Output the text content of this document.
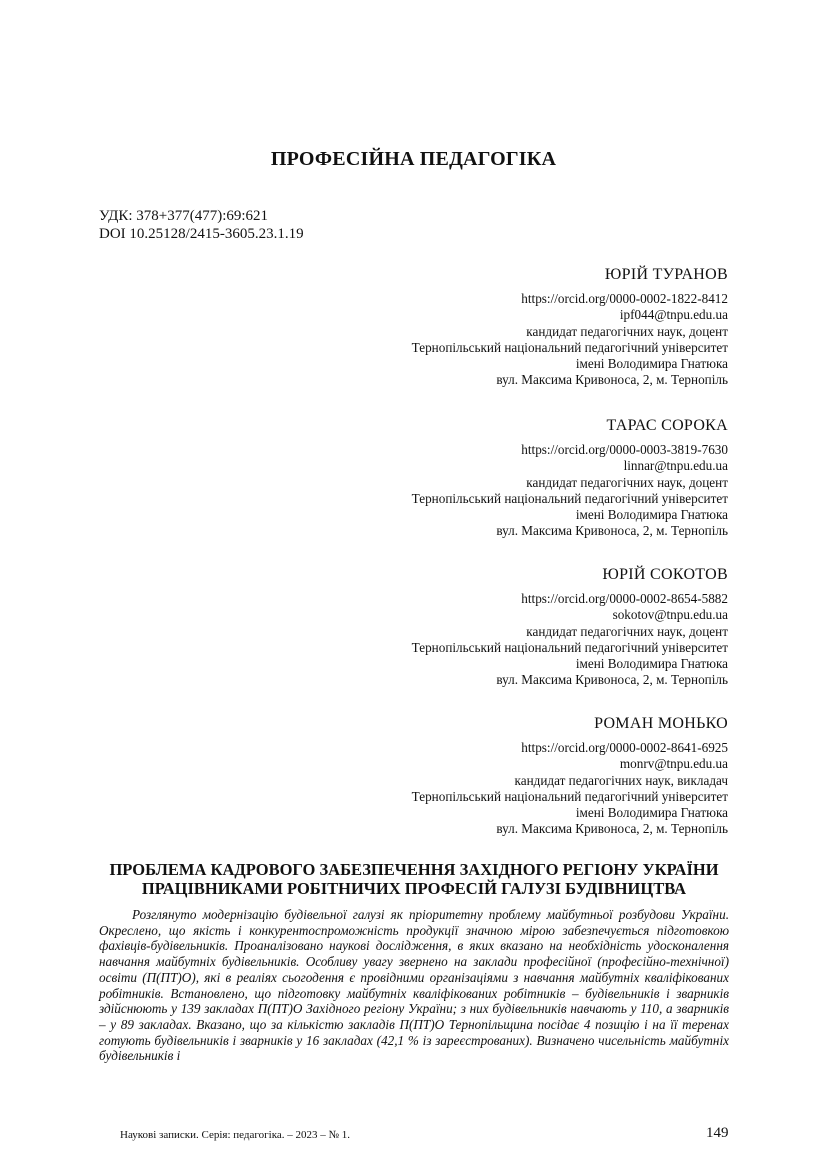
ПРОФЕСІЙНА ПЕДАГОГІКА
УДК: 378+377(477):69:621
DOI 10.25128/2415-3605.23.1.19
ЮРІЙ ТУРАНОВ
https://orcid.org/0000-0002-1822-8412
ipf044@tnpu.edu.ua
кандидат педагогічних наук, доцент
Тернопільський національний педагогічний університет
імені Володимира Гнатюка
вул. Максима Кривоноса, 2, м. Тернопіль
ТАРАС СОРОКА
https://orcid.org/0000-0003-3819-7630
linnar@tnpu.edu.ua
кандидат педагогічних наук, доцент
Тернопільський національний педагогічний університет
імені Володимира Гнатюка
вул. Максима Кривоноса, 2, м. Тернопіль
ЮРІЙ СОКОТОВ
https://orcid.org/0000-0002-8654-5882
sokotov@tnpu.edu.ua
кандидат педагогічних наук, доцент
Тернопільський національний педагогічний університет
імені Володимира Гнатюка
вул. Максима Кривоноса, 2, м. Тернопіль
РОМАН МОНЬКО
https://orcid.org/0000-0002-8641-6925
monrv@tnpu.edu.ua
кандидат педагогічних наук, викладач
Тернопільський національний педагогічний університет
імені Володимира Гнатюка
вул. Максима Кривоноса, 2, м. Тернопіль
ПРОБЛЕМА КАДРОВОГО ЗАБЕЗПЕЧЕННЯ ЗАХІДНОГО РЕГІОНУ УКРАЇНИ
ПРАЦІВНИКАМИ РОБІТНИЧИХ ПРОФЕСІЙ ГАЛУЗІ БУДІВНИЦТВА
Розглянуто модернізацію будівельної галузі як пріоритетну проблему майбутньої розбудови України. Окреслено, що якість і конкурентоспроможність продукції значною мірою забезпечується підготовкою фахівців-будівельників. Проаналізовано наукові дослідження, в яких вказано на необхідність удосконалення навчання майбутніх будівельників. Особливу увагу звернено на заклади професійної (професійно-технічної) освіти (П(ПТ)О), які в реаліях сьогодення є провідними організаціями з навчання майбутніх кваліфікованих робітників. Встановлено, що підготовку майбутніх кваліфікованих робітників – будівельників і зварників здійснюють у 139 закладах П(ПТ)О Західного регіону України; з них будівельників навчають у 110, а зварників – у 89 закладах. Вказано, що за кількістю закладів П(ПТ)О Тернопільщина посідає 4 позицію і на її теренах готують будівельників і зварників у 16 закладах (42,1 % із зареєстрованих). Визначено чисельність майбутніх будівельників і
Наукові записки. Серія: педагогіка. – 2023 – № 1.	149
